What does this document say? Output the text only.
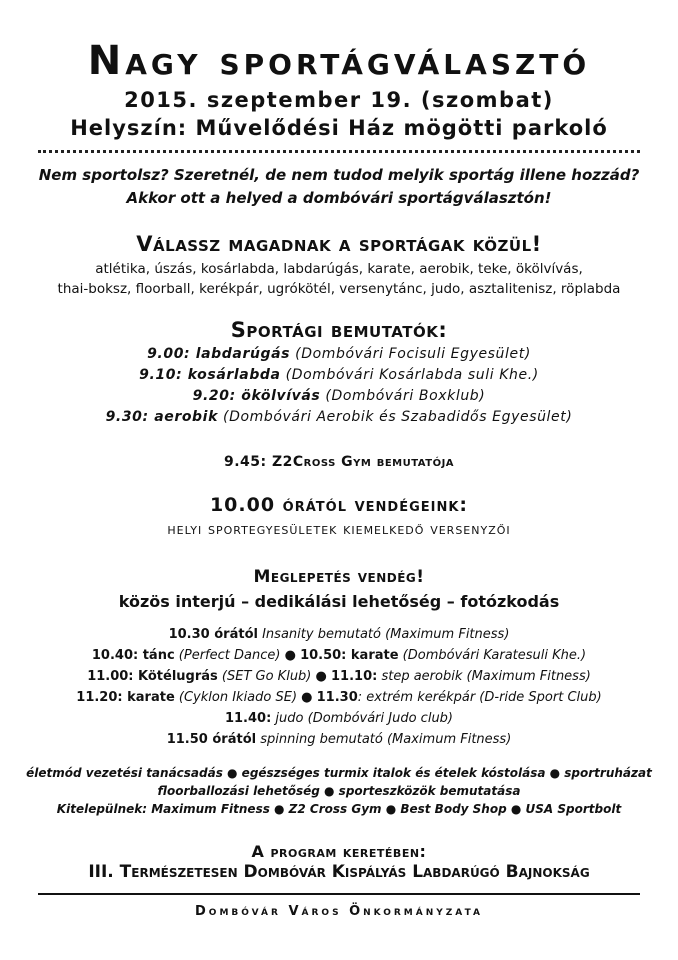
Nagy sportágválasztó
2015. szeptember 19. (szombat)
Helyszín: Művelődési Ház mögötti parkoló
Nem sportolsz? Szeretnél, de nem tudod melyik sportág illene hozzád?
Akkor ott a helyed a dombóvári sportágválasztón!
Válassz magadnak a sportágak közül!
atlétika, úszás, kosárlabda, labdarúgás, karate, aerobik, teke, ökölvívás,
thai-boksz, floorball, kerékpár, ugrókötél, versenytánc, judo, asztalitenisz, röplabda
Sportági bemutatók:
9.00: labdarúgás (Dombóvári Focisuli Egyesület)
9.10: kosárlabda (Dombóvári Kosárlabda suli Khe.)
9.20: ökölvívás (Dombóvári Boxklub)
9.30: aerobik (Dombóvári Aerobik és Szabadidős Egyesület)
9.45: Z2Cross Gym bemutatója
10.00 órától vendégeink:
helyi sportegyesületek kiemelkedő versenyzői
Meglepetés vendég!
közös interjú – dedikálási lehetőség – fotózkodás
10.30 órától Insanity bemutató (Maximum Fitness)
10.40: tánc (Perfect Dance) ● 10.50: karate (Dombóvári Karatesuli Khe.)
11.00: Kötélugrás (SET Go Klub) ● 11.10: step aerobik (Maximum Fitness)
11.20: karate (Cyklon Ikiado SE) ● 11.30: extrém kerékpár (D-ride Sport Club)
11.40: judo (Dombóvári Judo club)
11.50 órától spinning bemutató (Maximum Fitness)
életmód vezetési tanácsadás ● egészséges turmix italok és ételek kóstolása ● sportruházat
floorballozási lehetőség ● sporteszközök bemutatása
Kitelepülnek: Maximum Fitness ● Z2 Cross Gym ● Best Body Shop ● USA Sportbolt
A program keretében:
III. Természetesen Dombóvár Kispályás Labdarúgó Bajnokság
Dombóvár Város Önkormányzata
